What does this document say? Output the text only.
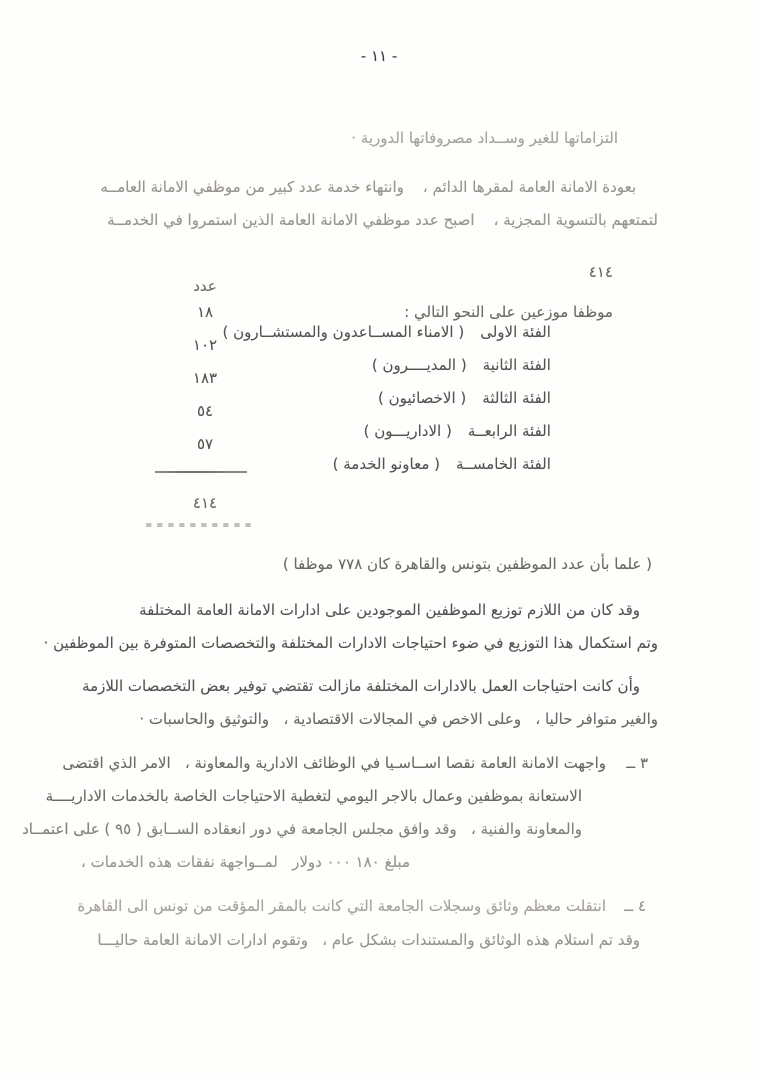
- ١١ -
التزاماتها للغير وســداد مصروفاتها الدورية ·
بعودة الامانة العامة لمقرها الدائم ،    وانتهاء خدمة عدد كبير من موظفي الامانة العامــه
لتمتعهم بالتسوية المجزية ،    اصبح عدد موظفي الامانة العامة الذين استمروا في الخدمــة

٤١٤

موظفا موزعين على النحو التالي :

عدد

الفئة الاولى( الامناء المســاعدون والمستشــارون )

١٨

الفئة الثانية( المديــــرون )

١٠٢

الفئة الثالثة( الاخصائيون )

١٨٣

الفئة الرابعــة( الاداريـــون )

٥٤

الفئة الخامســة( معاونو الخدمة )

٥٧
٤١٤
==========
( علما بأن عدد الموظفين بتونس والقاهرة كان ٧٧٨ موظفا )
وقد كان من اللازم توزيع الموظفين الموجودين على ادارات الامانة العامة المختلفة
وتم استكمال هذا التوزيع في ضوء احتياجات الادارات المختلفة والتخصصات المتوفرة بين الموظفين ·
وأن كانت احتياجات العمل بالادارات المختلفة مازالت تقتضي توفير بعض التخصصات اللازمة
والغير متوافر حاليا ،   وعلى الاخص في المجالات الاقتصادية ،   والتوثيق والحاسبات ·
٣ ــ
واجهت الامانة العامة نقصا اســاسـيا في الوظائف الادارية والمعاونة ،   الامر الذي اقتضى
الاستعانة بموظفين وعمال بالاجر اليومي لتغطية الاحتياجات الخاصة بالخدمات الاداريــــة
والمعاونة والفنية ،   وقد وافق مجلس الجامعة في دور انعقاده الســابق ( ٩٥ ) على اعتمــاد
مبلغ ١٨٠ ٠٠٠ دولار   لمــواجهة نفقات هذه الخدمات ،
٤ ــ
انتقلت معظم وثائق وسجلات الجامعة التي كانت بالمقر المؤقت من تونس الى القاهرة
وقد تم استلام هذه الوثائق والمستندات بشكل عام ،   وتقوم ادارات الامانة العامة حاليـــا
